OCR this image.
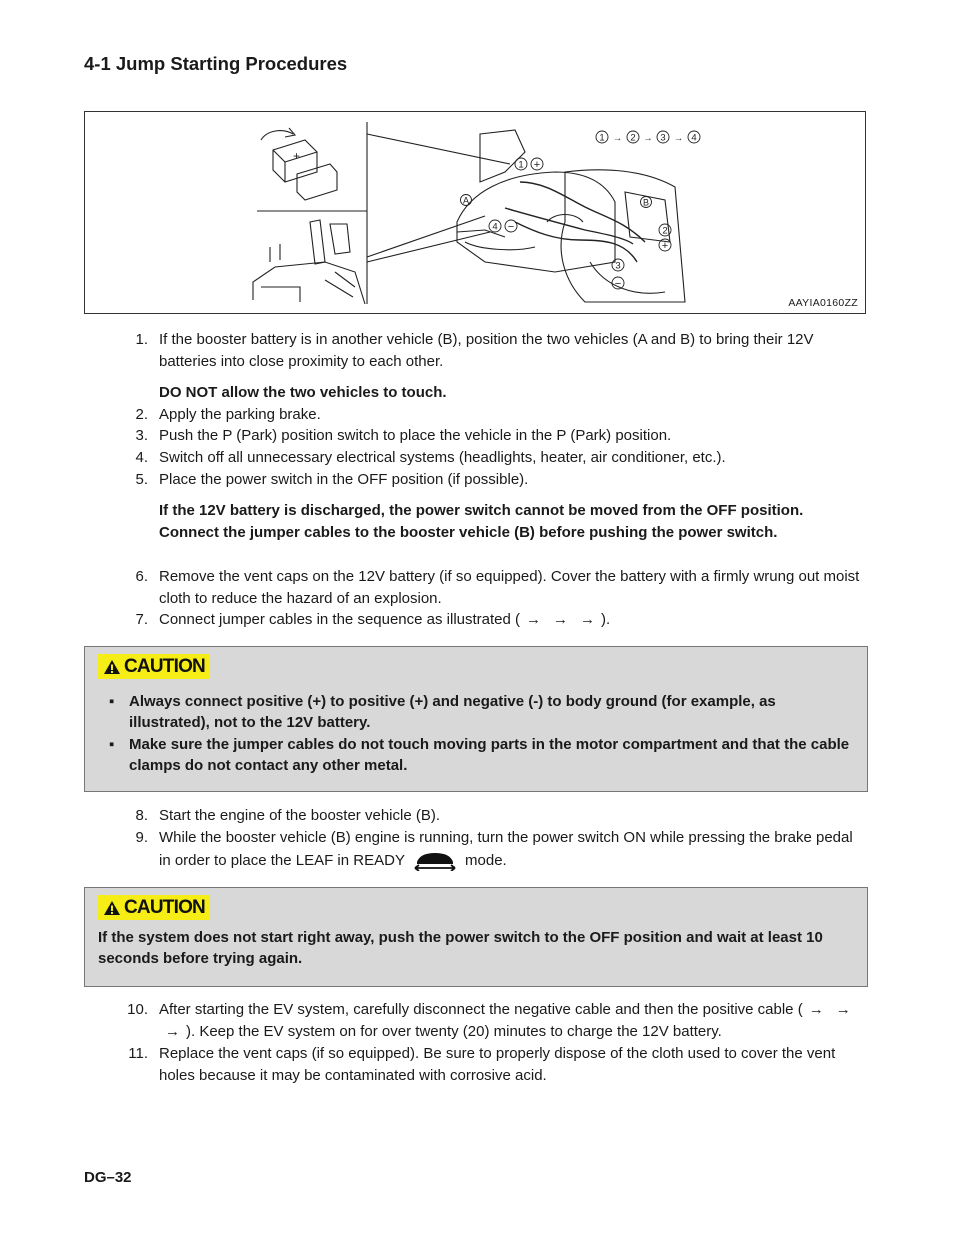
4-1 Jump Starting Procedures
+
1	2	3	4
→ → →
1 +
A	B
4 −	2
+
3
−
AAYIA0160ZZ
1. If the booster battery is in another vehicle (B), position the two vehicles (A and B) to bring their 12V batteries into close proximity to each other.
DO NOT allow the two vehicles to touch.
2. Apply the parking brake.
3. Push the P (Park) position switch to place the vehicle in the P (Park) position.
4. Switch off all unnecessary electrical systems (headlights, heater, air conditioner, etc.).
5. Place the power switch in the OFF position (if possible).
If the 12V battery is discharged, the power switch cannot be moved from the OFF position. Connect the jumper cables to the booster vehicle (B) before pushing the power switch.
6. Remove the vent caps on the 12V battery (if so equipped). Cover the battery with a firmly wrung out moist cloth to reduce the hazard of an explosion.
7. Connect jumper cables in the sequence as illustrated ( → → → ).
CAUTION
▪ Always connect positive (+) to positive (+) and negative (-) to body ground (for example, as illustrated), not to the 12V battery.
▪ Make sure the jumper cables do not touch moving parts in the motor compartment and that the cable clamps do not contact any other metal.
8. Start the engine of the booster vehicle (B).
9. While the booster vehicle (B) engine is running, turn the power switch ON while pressing the brake pedal in order to place the LEAF in READY	mode.
CAUTION
If the system does not start right away, push the power switch to the OFF position and wait at least 10 seconds before trying again.
10. After starting the EV system, carefully disconnect the negative cable and then the positive cable ( → →→ ). Keep the EV system on for over twenty (20) minutes to charge the 12V battery.
11. Replace the vent caps (if so equipped). Be sure to properly dispose of the cloth used to cover the vent holes because it may be contaminated with corrosive acid.
DG–32
